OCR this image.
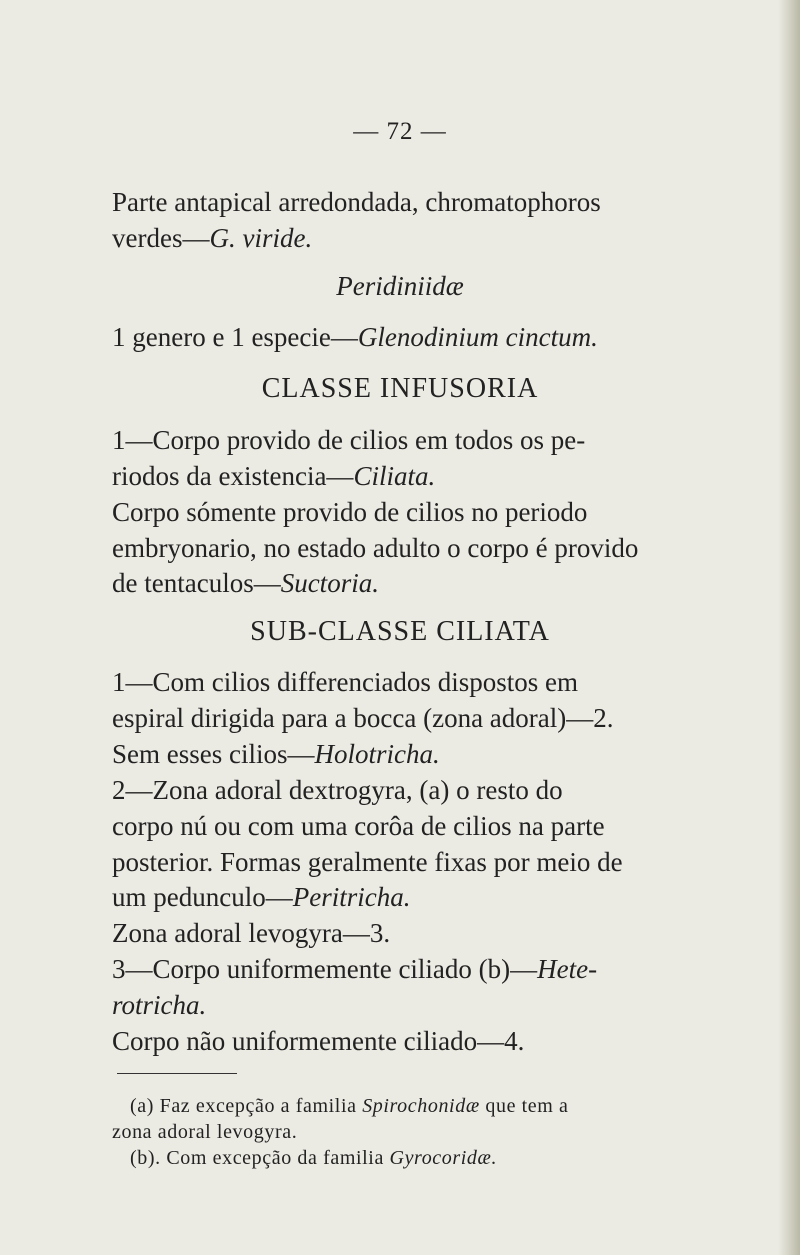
— 72 —
Parte antapical arredondada, chromatophoros
verdes—G. viride.
Peridiniidæ
1 genero e 1 especie—Glenodinium cinctum.
CLASSE INFUSORIA
1—Corpo provido de cilios em todos os pe-
riodos da existencia—Ciliata.
Corpo sómente provido de cilios no periodo
embryonario, no estado adulto o corpo é provido
de tentaculos—Suctoria.
SUB-CLASSE CILIATA
1—Com cilios differenciados dispostos em
espiral dirigida para a bocca (zona adoral)—2.
Sem esses cilios—Holotricha.
2—Zona adoral dextrogyra, (a) o resto do
corpo nú ou com uma corôa de cilios na parte
posterior. Formas geralmente fixas por meio de
um pedunculo—Peritricha.
Zona adoral levogyra—3.
3—Corpo uniformemente ciliado (b)—Hete-
rotricha.
Corpo não uniformemente ciliado—4.
(a) Faz excepção a familia Spirochonidæ que tem a
zona adoral levogyra.
(b). Com excepção da familia Gyrocoridæ.
